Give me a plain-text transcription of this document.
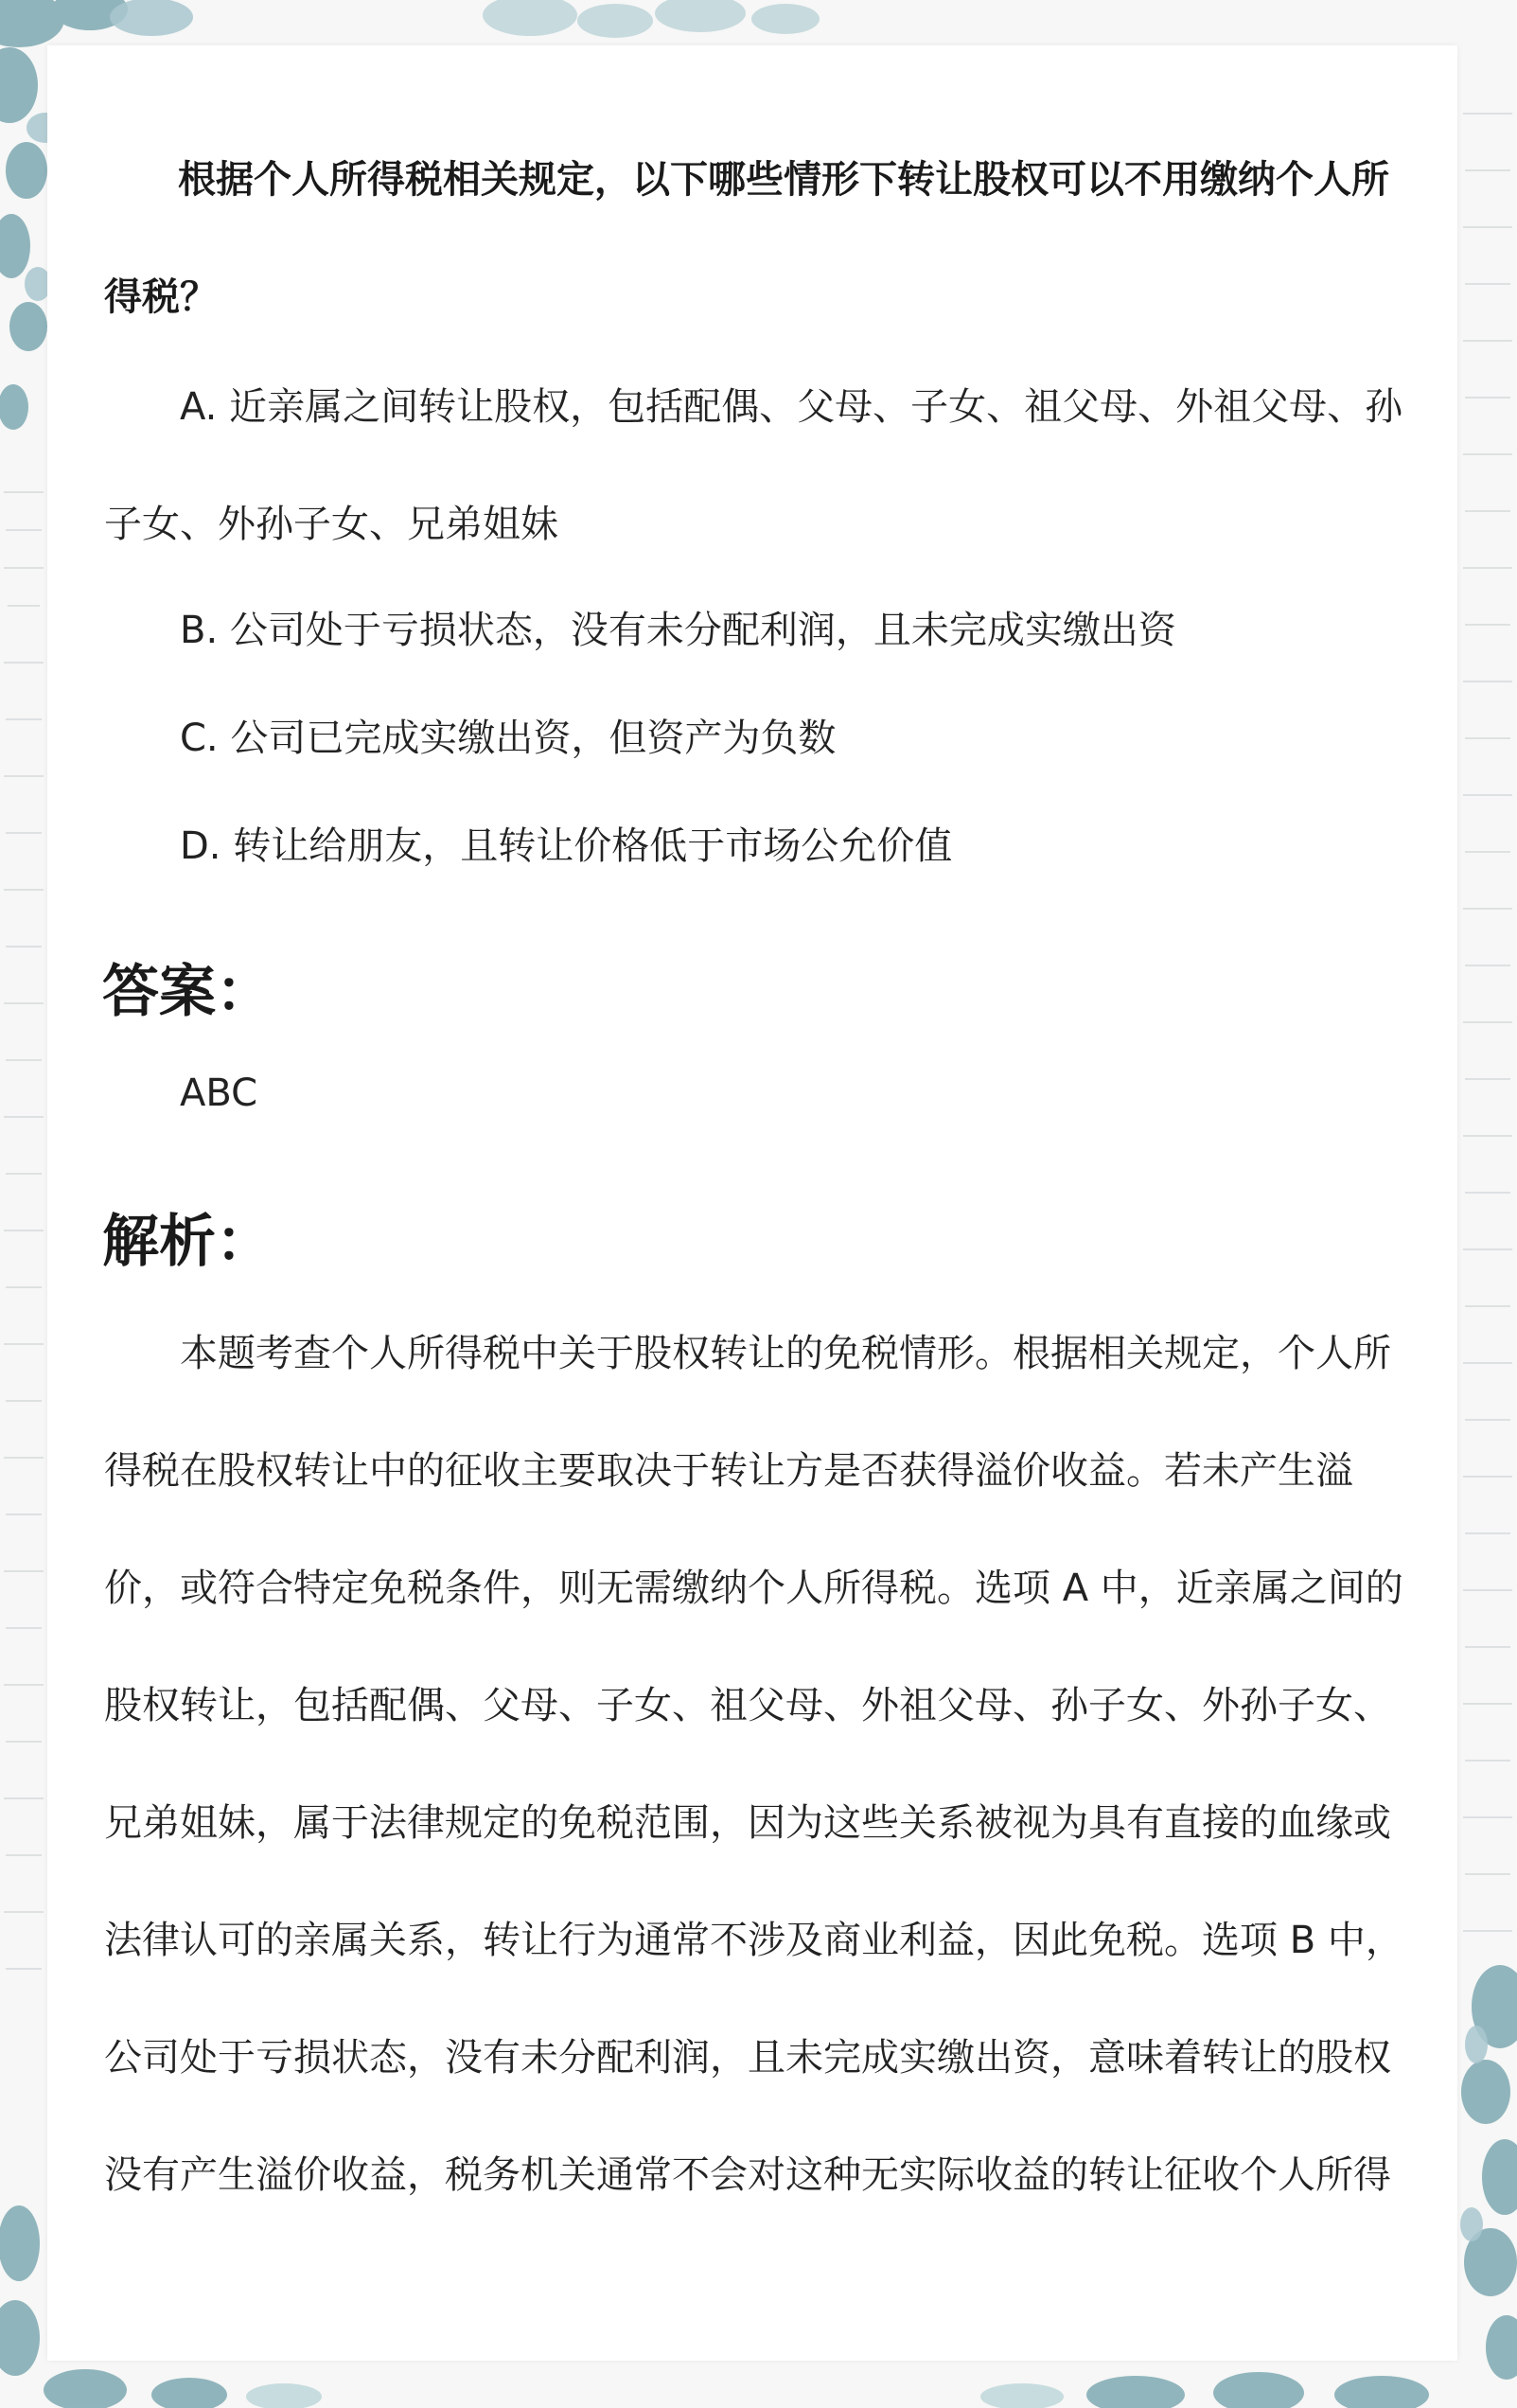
根据个人所得税相关规定，以下哪些情形下转让股权可以不用缴纳个人所

得税？

A. 近亲属之间转让股权，包括配偶、父母、子女、祖父母、外祖父母、孙

子女、外孙子女、兄弟姐妹

B. 公司处于亏损状态，没有未分配利润，且未完成实缴出资

C. 公司已完成实缴出资，但资产为负数

D. 转让给朋友，且转让价格低于市场公允价值

答案：

ABC

解析：

本题考查个人所得税中关于股权转让的免税情形。根据相关规定，个人所

得税在股权转让中的征收主要取决于转让方是否获得溢价收益。若未产生溢

价，或符合特定免税条件，则无需缴纳个人所得税。选项 A 中，近亲属之间的

股权转让，包括配偶、父母、子女、祖父母、外祖父母、孙子女、外孙子女、

兄弟姐妹，属于法律规定的免税范围，因为这些关系被视为具有直接的血缘或

法律认可的亲属关系，转让行为通常不涉及商业利益，因此免税。选项 B 中，

公司处于亏损状态，没有未分配利润，且未完成实缴出资，意味着转让的股权

没有产生溢价收益，税务机关通常不会对这种无实际收益的转让征收个人所得
